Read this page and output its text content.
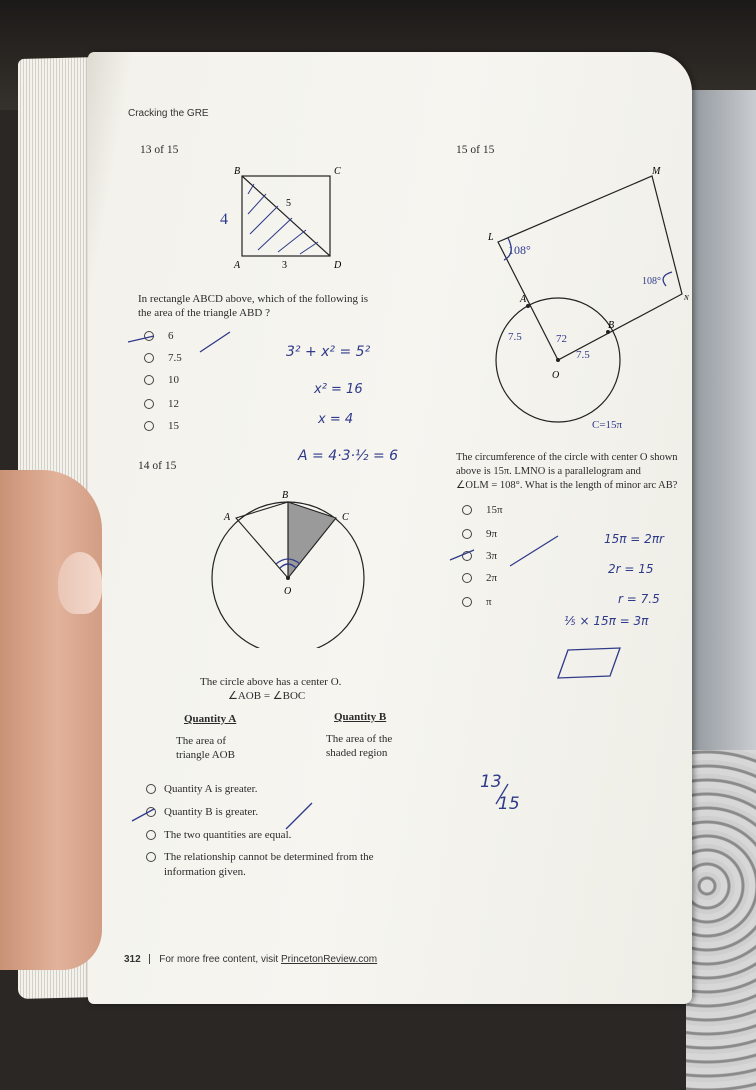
Cracking the GRE
13 of 15
B	C
A	D
5
3
4
In rectangle ABCD above, which of the following is
the area of the triangle ABD ?
6
7.5
10
12
15
3² + x² = 5²
x² = 16
x = 4
A = 4·3·½ = 6
14 of 15
B
A	C
O
The circle above has a center O.
∠AOB = ∠BOC
Quantity A
The area of
triangle AOB
Quantity B
The area of the
shaded region
Quantity A is greater.
Quantity B is greater.
The two quantities are equal.
The relationship cannot be determined from the
information given.
15 of 15
M
L
A
B
O
N
108°
108°
7.5	72
7.5
C=15π
The circumference of the circle with center O shown
above is 15π. LMNO is a parallelogram and
∠OLM = 108°. What is the length of minor arc AB?
15π
9π
3π
2π
π
15π = 2πr
2r = 15
r = 7.5
⅕ × 15π = 3π
13
15
312 For more free content, visit PrincetonReview.com
